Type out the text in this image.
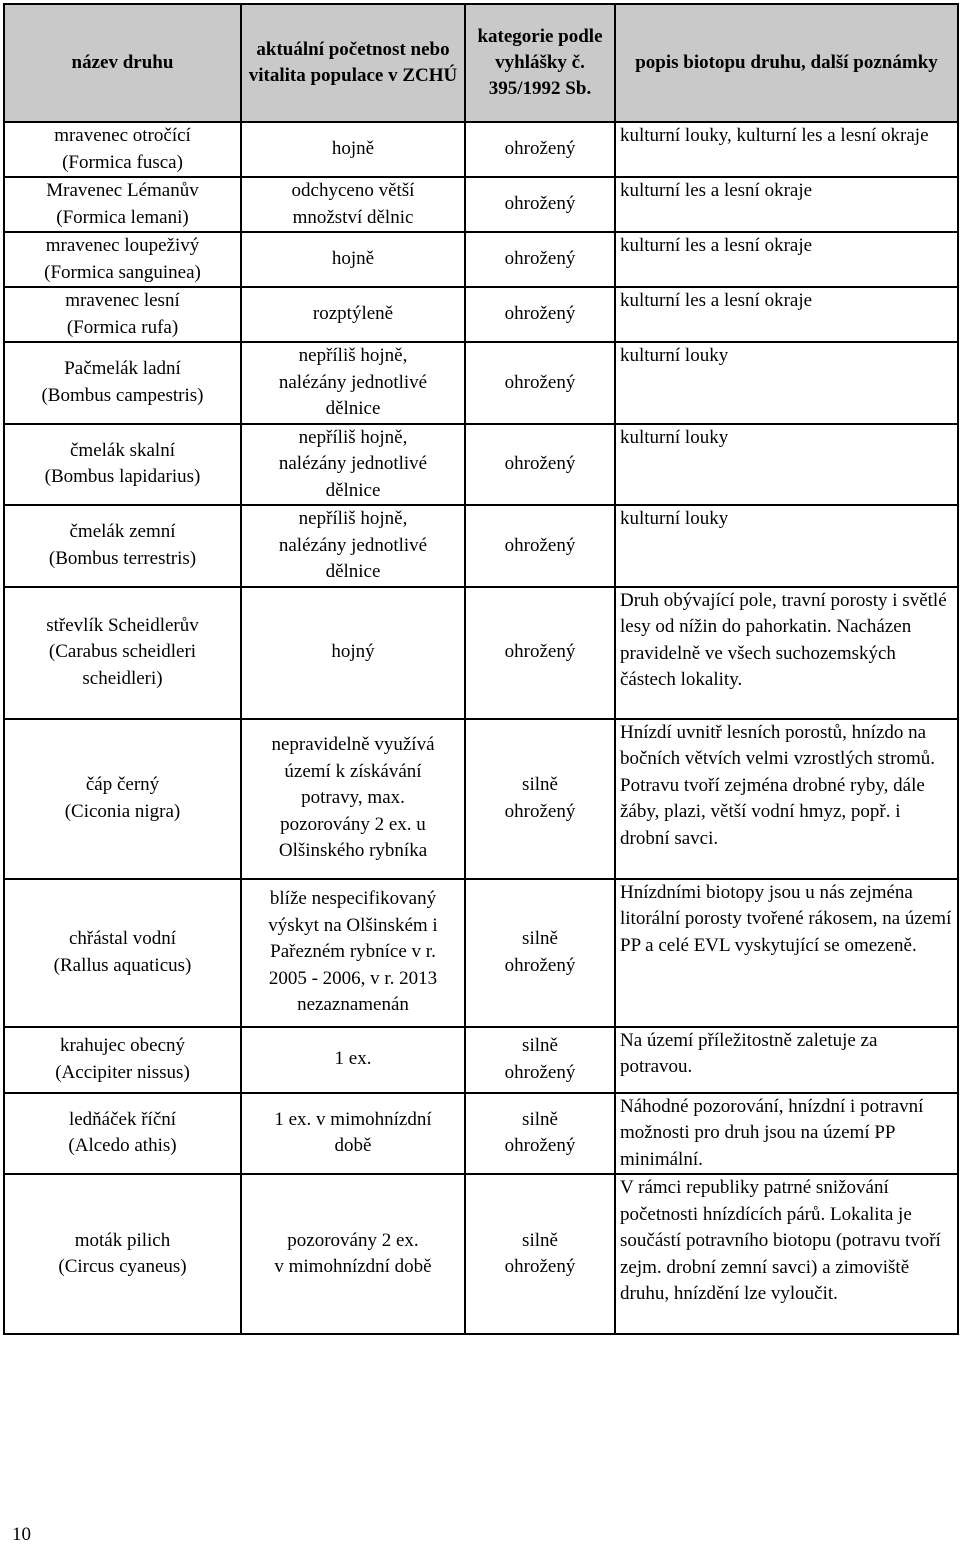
název druhu	aktuální početnost nebo vitalita populace v ZCHÚ	kategorie podle vyhlášky č. 395/1992 Sb.	popis biotopu druhu, další poznámky

mravenec otročící
(Formica fusca)	hojně	ohrožený	kulturní louky, kulturní les a lesní okraje

Mravenec Lémanův
(Formica lemani)	odchyceno větší
množství dělnic	ohrožený	kulturní les a lesní okraje

mravenec loupeživý
(Formica sanguinea)	hojně	ohrožený	kulturní les a lesní okraje

mravenec lesní
(Formica rufa)	rozptýleně	ohrožený	kulturní les a lesní okraje

Pačmelák ladní
(Bombus campestris)	nepříliš hojně,
nalézány jednotlivé
dělnice	ohrožený	kulturní louky

čmelák skalní
(Bombus lapidarius)	nepříliš hojně,
nalézány jednotlivé
dělnice	ohrožený	kulturní louky

čmelák zemní
(Bombus terrestris)	nepříliš hojně,
nalézány jednotlivé
dělnice	ohrožený	kulturní louky

střevlík Scheidlerův
(Carabus scheidleri
scheidleri)	hojný	ohrožený	Druh obývající pole, travní porosty i světlé lesy od nížin do pahorkatin. Nacházen pravidelně ve všech suchozemských částech lokality.

čáp černý
(Ciconia nigra)	nepravidelně využívá
území k získávání
potravy, max.
pozorovány 2 ex. u
Olšinského rybníka	silně
ohrožený	Hnízdí uvnitř lesních porostů, hnízdo na bočních větvích velmi vzrostlých stromů. Potravu tvoří zejména drobné ryby, dále žáby, plazi, větší vodní hmyz, popř. i drobní savci.

chřástal vodní
(Rallus aquaticus)	blíže nespecifikovaný
výskyt na Olšinském i
Pařezném rybníce v r.
2005 - 2006, v r. 2013
nezaznamenán	silně
ohrožený	Hnízdními biotopy jsou u nás zejména litorální porosty tvořené rákosem, na území PP a celé EVL vyskytující se omezeně.

krahujec obecný
(Accipiter nissus)	1 ex.	silně
ohrožený	Na území příležitostně zaletuje za potravou.

ledňáček říční
(Alcedo athis)	1 ex. v mimohnízdní
době	silně
ohrožený	Náhodné pozorování, hnízdní i potravní možnosti pro druh jsou na území PP minimální.

moták pilich
(Circus cyaneus)	pozorovány 2 ex.
v mimohnízdní době	silně
ohrožený	V rámci republiky patrné snižování početnosti hnízdících párů. Lokalita je součástí potravního biotopu (potravu tvoří zejm. drobní zemní savci) a zimoviště druhu, hnízdění lze vyloučit.
10
